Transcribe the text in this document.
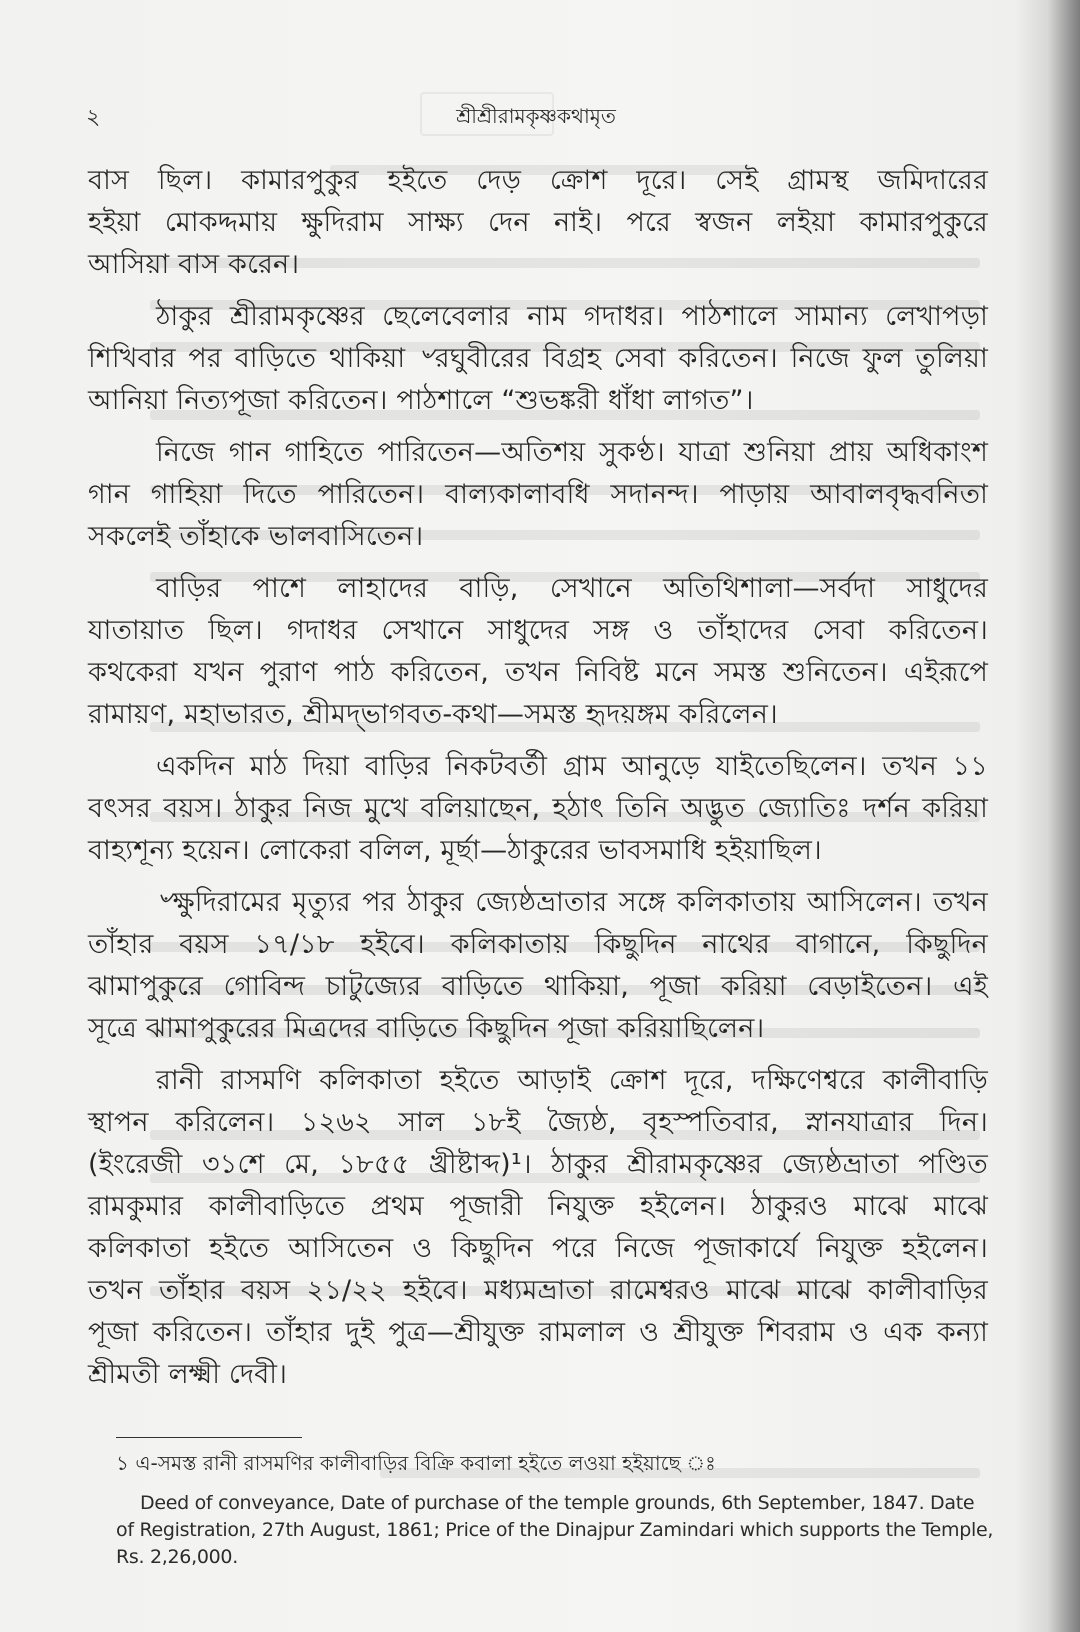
২	শ্রীশ্রীরামকৃষ্ণকথামৃত
বাস ছিল। কামারপুকুর হইতে দেড় ক্রোশ দূরে। সেই গ্রামস্থ জমিদারের
হইয়া মোকদ্দমায় ক্ষুদিরাম সাক্ষ্য দেন নাই। পরে স্বজন লইয়া কামারপুকুরে
আসিয়া বাস করেন।
ঠাকুর শ্রীরামকৃষ্ণের ছেলেবেলার নাম গদাধর। পাঠশালে সামান্য লেখাপড়া
শিখিবার পর বাড়িতে থাকিয়া ৺রঘুবীরের বিগ্রহ সেবা করিতেন। নিজে ফুল তুলিয়া
আনিয়া নিত্যপূজা করিতেন। পাঠশালে “শুভঙ্করী ধাঁধা লাগত”।
নিজে গান গাহিতে পারিতেন—অতিশয় সুকণ্ঠ। যাত্রা শুনিয়া প্রায় অধিকাংশ
গান গাহিয়া দিতে পারিতেন। বাল্যকালাবধি সদানন্দ। পাড়ায় আবালবৃদ্ধবনিতা
সকলেই তাঁহাকে ভালবাসিতেন।
বাড়ির পাশে লাহাদের বাড়ি, সেখানে অতিথিশালা—সর্বদা সাধুদের
যাতায়াত ছিল। গদাধর সেখানে সাধুদের সঙ্গ ও তাঁহাদের সেবা করিতেন।
কথকেরা যখন পুরাণ পাঠ করিতেন, তখন নিবিষ্ট মনে সমস্ত শুনিতেন। এইরূপে
রামায়ণ, মহাভারত, শ্রীমদ্‌ভাগবত-কথা—সমস্ত হৃদয়ঙ্গম করিলেন।
একদিন মাঠ দিয়া বাড়ির নিকটবর্তী গ্রাম আনুড়ে যাইতেছিলেন। তখন ১১
বৎসর বয়স। ঠাকুর নিজ মুখে বলিয়াছেন, হঠাৎ তিনি অদ্ভুত জ্যোতিঃ দর্শন করিয়া
বাহ্যশূন্য হয়েন। লোকেরা বলিল, মূর্ছা—ঠাকুরের ভাবসমাধি হইয়াছিল।
৺ক্ষুদিরামের মৃত্যুর পর ঠাকুর জ্যেষ্ঠভ্রাতার সঙ্গে কলিকাতায় আসিলেন। তখন
তাঁহার বয়স ১৭/১৮ হইবে। কলিকাতায় কিছুদিন নাথের বাগানে, কিছুদিন
ঝামাপুকুরে গোবিন্দ চাটুজ্যের বাড়িতে থাকিয়া, পূজা করিয়া বেড়াইতেন। এই
সূত্রে ঝামাপুকুরের মিত্রদের বাড়িতে কিছুদিন পূজা করিয়াছিলেন।
রানী রাসমণি কলিকাতা হইতে আড়াই ক্রোশ দূরে, দক্ষিণেশ্বরে কালীবাড়ি
স্থাপন করিলেন। ১২৬২ সাল ১৮ই জ্যৈষ্ঠ, বৃহস্পতিবার, স্নানযাত্রার দিন।
(ইংরেজী ৩১শে মে, ১৮৫৫ খ্রীষ্টাব্দ)¹। ঠাকুর শ্রীরামকৃষ্ণের জ্যেষ্ঠভ্রাতা পণ্ডিত
রামকুমার কালীবাড়িতে প্রথম পূজারী নিযুক্ত হইলেন। ঠাকুরও মাঝে মাঝে
কলিকাতা হইতে আসিতেন ও কিছুদিন পরে নিজে পূজাকার্যে নিযুক্ত হইলেন।
তখন তাঁহার বয়স ২১/২২ হইবে। মধ্যমভ্রাতা রামেশ্বরও মাঝে মাঝে কালীবাড়ির
পূজা করিতেন। তাঁহার দুই পুত্র—শ্রীযুক্ত রামলাল ও শ্রীযুক্ত শিবরাম ও এক কন্যা
শ্রীমতী লক্ষ্মী দেবী।
১ এ-সমস্ত রানী রাসমণির কালীবাড়ির বিক্রি কবালা হইতে লওয়া হইয়াছে ঃ
Deed of conveyance, Date of purchase of the temple grounds, 6th September, 1847. Date of Registration, 27th August, 1861; Price of the Dinajpur Zamindari which supports the Temple, Rs. 2,26,000.
